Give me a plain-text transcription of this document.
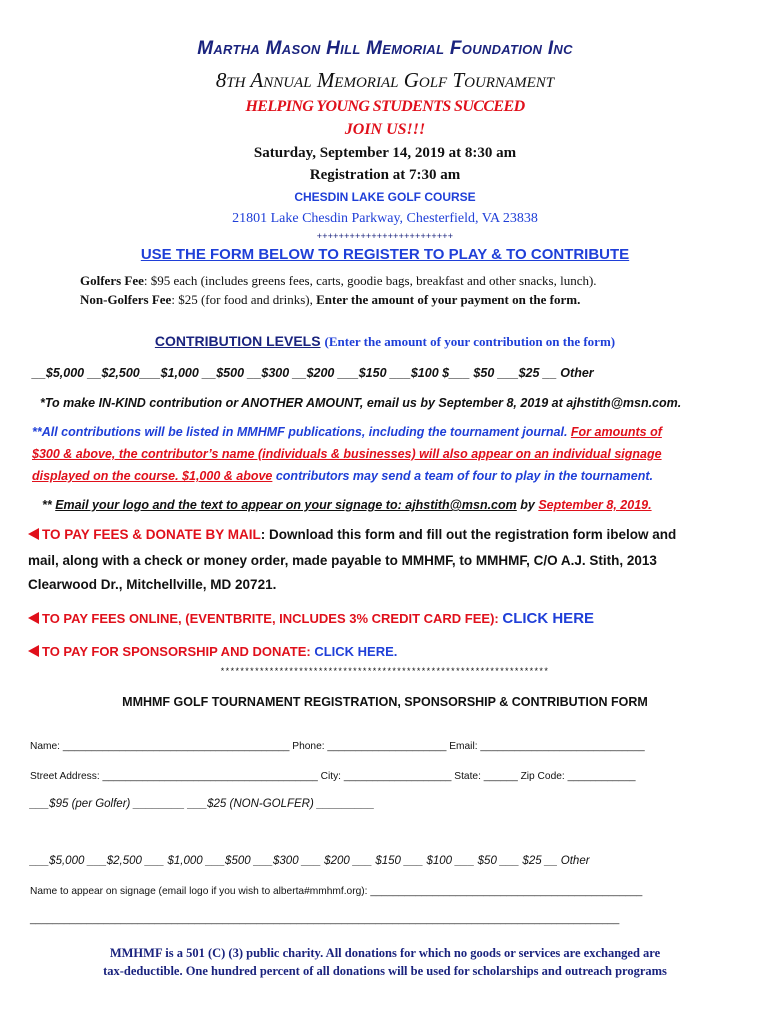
Martha Mason Hill Memorial Foundation Inc
8th Annual Memorial Golf Tournament
HELPING YOUNG STUDENTS SUCCEED
JOIN US!!!
Saturday, September 14, 2019 at 8:30 am
Registration at 7:30 am
CHESDIN LAKE GOLF COURSE
21801 Lake Chesdin Parkway, Chesterfield, VA 23838
+++++++++++++++++++++++++
USE THE FORM BELOW TO REGISTER TO PLAY & TO CONTRIBUTE
Golfers Fee: $95 each (includes greens fees, carts, goodie bags, breakfast and other snacks, lunch).
Non-Golfers Fee: $25 (for food and drinks), Enter the amount of your payment on the form.
CONTRIBUTION LEVELS (Enter the amount of your contribution on the form)
__$5,000 __$2,500___$1,000 __$500 __$300 __$200 ___$150 ___$100 $___ $50 ___$25 __ Other
*To make IN-KIND contribution or ANOTHER AMOUNT, email us by September 8, 2019 at ajhstith@msn.com.
**All contributions will be listed in MMHMF publications, including the tournament journal. For amounts of
$300 & above, the contributor’s name (individuals & businesses) will also appear on an individual signage
displayed on the course. $1,000 & above contributors may send a team of four to play in the tournament.
** Email your logo and the text to appear on your signage to: ajhstith@msn.com by September 8, 2019.
TO PAY FEES & DONATE BY MAIL: Download this form and fill out the registration form ibelow and
mail, along with a check or money order, made payable to MMHMF, to MMHMF, C/O A.J. Stith, 2013
Clearwood Dr., Mitchellville, MD 20721.
TO PAY FEES ONLINE, (EVENTBRITE, INCLUDES 3% CREDIT CARD FEE): CLICK HERE
TO PAY FOR SPONSORSHIP AND DONATE: CLICK HERE.
*******************************************************************
MMHMF GOLF TOURNAMENT REGISTRATION, SPONSORSHIP & CONTRIBUTION FORM
Name: ________________________________________ Phone: _____________________ Email: _____________________________
Street Address: ______________________________________ City: ___________________ State: ______ Zip Code: ____________
___$95 (per Golfer) ________ ___$25 (NON-GOLFER) _________
___$5,000 ___$2,500 ___ $1,000 ___$500 ___$300 ___ $200 ___ $150 ___ $100 ___ $50 ___ $25 __ Other
Name to appear on signage (email logo if you wish to alberta#mmhmf.org): ________________________________________________
________________________________________________________________________________________________________
MMHMF is a 501 (C) (3) public charity. All donations for which no goods or services are exchanged are
tax-deductible. One hundred percent of all donations will be used for scholarships and outreach programs
